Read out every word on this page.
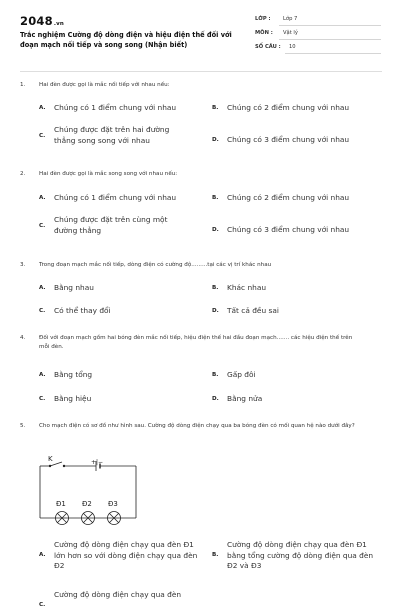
2048.vn
Trắc nghiệm Cường độ dòng điện và hiệu điện thế đối với đoạn mạch nối tiếp và song song (Nhận biết)
LỚP : Lớp 7
MÔN : Vật lý
SỐ CÂU : 10
1. Hai đèn được gọi là mắc nối tiếp với nhau nếu:
A. Chúng có 1 điểm chung với nhau	B. Chúng có 2 điểm chung với nhau
C.
Chúng được đặt trên hai đường thẳng song song với nhau	D. Chúng có 3 điểm chung với nhau
2. Hai đèn được gọi là mắc song song với nhau nếu:
A. Chúng có 1 điểm chung với nhau	B. Chúng có 2 điểm chung với nhau
C.
Chúng được đặt trên cùng một đường thẳng	D. Chúng có 3 điểm chung với nhau
3. Trong đoạn mạch mắc nối tiếp, dòng điện có cường độ.........tại các vị trí khác nhau
A. Bằng nhau	B. Khác nhau
C. Có thể thay đổi	D. Tất cả đều sai
4. Đối với đoạn mạch gồm hai bóng đèn mắc nối tiếp, hiệu điện thế hai đầu đoạn mạch....... các hiệu điện thế trên mỗi đèn.
A. Bằng tổng	B. Gấp đôi
C. Bằng hiệu	D. Bằng nửa
5. Cho mạch điện có sơ đồ như hình sau. Cường độ dòng điện chạy qua ba bóng đèn có mối quan hệ nào dưới đây?
K	+|−
Đ1 Đ2 Đ3
A.
Cường độ dòng điện chạy qua đèn Đ1 lớn hơn so với dòng điện chạy qua đèn Đ2
B.
Cường độ dòng điện chạy qua đèn Đ1 bằng tổng cường độ dòng điện qua đèn Đ2 và Đ3
C.
Cường độ dòng điện chạy qua đèn
